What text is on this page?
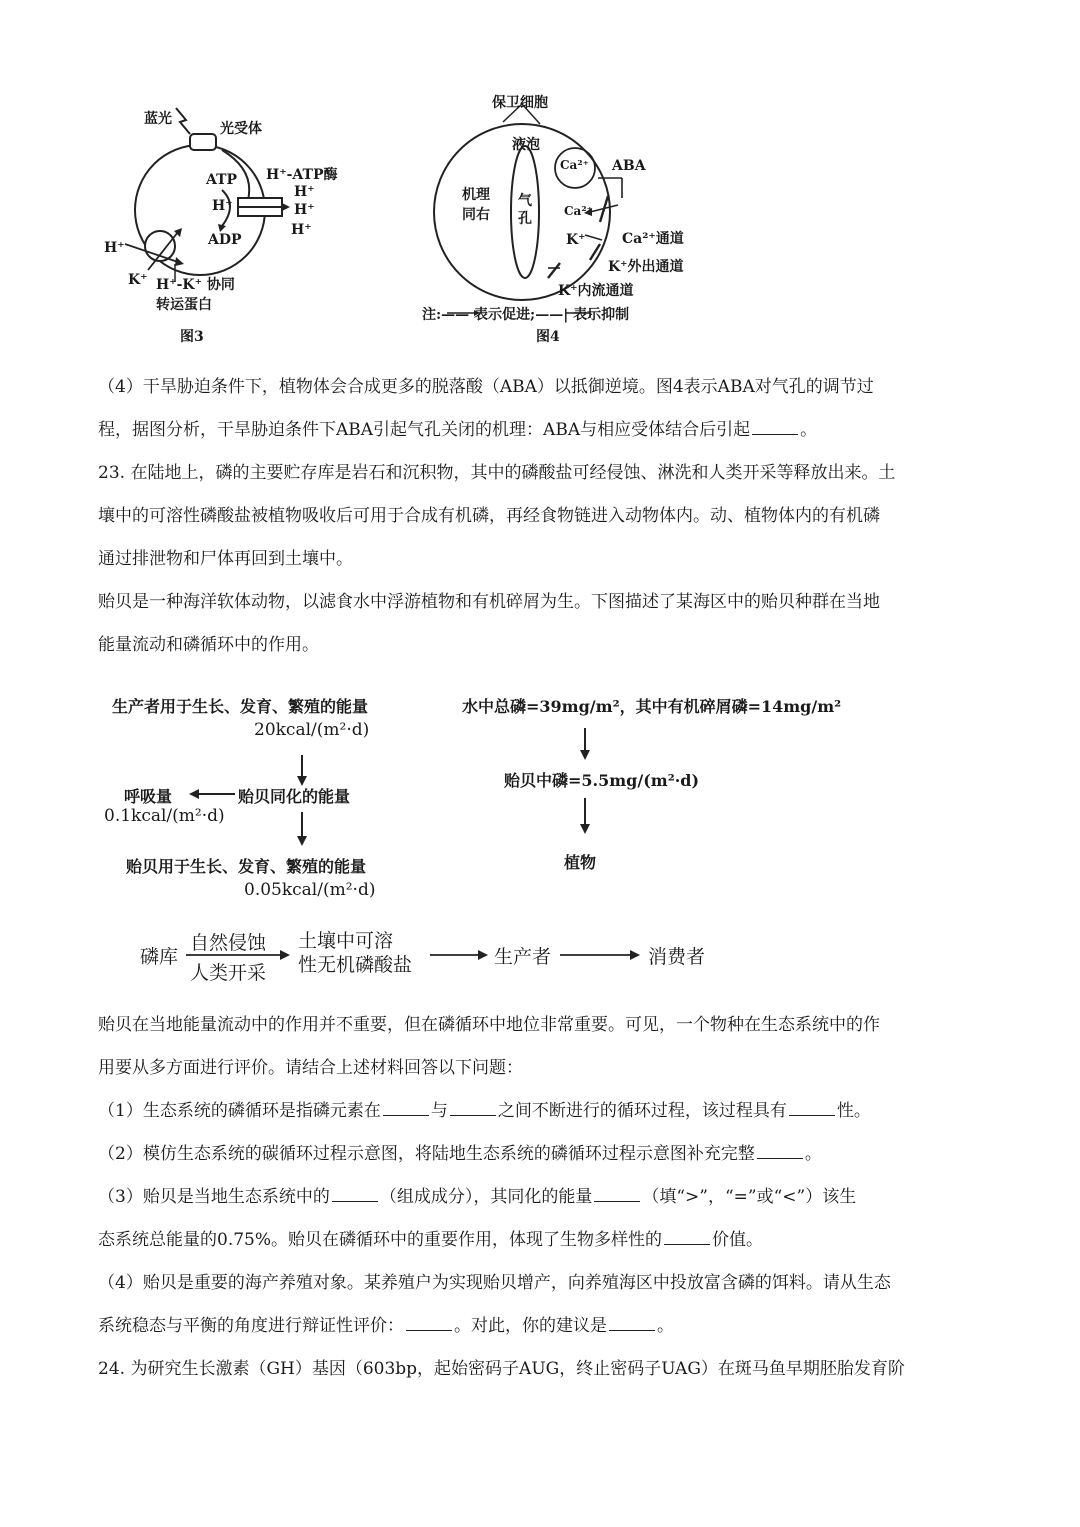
蓝光
光受体
ATP
H⁺
ADP
H⁺-ATP酶
H⁺
H⁺
H⁺
H⁺
K⁺ H⁺-K⁺ 协同
转运蛋白
图3
保卫细胞
液泡
机理
同右
气
孔
Ca²⁺
Ca²⁺
ABA
K⁺	Ca²⁺通道
K⁺外出通道
K⁺内流通道
注:—— 表示促进;——| 表示抑制
图4

（4）干旱胁迫条件下，植物体会合成更多的脱落酸（ABA）以抵御逆境。图4表示ABA对气孔的调节过

程，据图分析，干旱胁迫条件下ABA引起气孔关闭的机理：ABA与相应受体结合后引起	。

23. 在陆地上，磷的主要贮存库是岩石和沉积物，其中的磷酸盐可经侵蚀、淋洗和人类开采等释放出来。土

壤中的可溶性磷酸盐被植物吸收后可用于合成有机磷，再经食物链进入动物体内。动、植物体内的有机磷

通过排泄物和尸体再回到土壤中。

贻贝是一种海洋软体动物，以滤食水中浮游植物和有机碎屑为生。下图描述了某海区中的贻贝种群在当地

能量流动和磷循环中的作用。

生产者用于生长、发育、繁殖的能量
20kcal/(m²·d)
呼吸量
0.1kcal/(m²·d)
贻贝同化的能量
贻贝用于生长、发育、繁殖的能量
0.05kcal/(m²·d)
水中总磷=39mg/m²，其中有机碎屑磷=14mg/m²
贻贝中磷=5.5mg/(m²·d)
植物
磷库
自然侵蚀
人类开采
土壤中可溶
性无机磷酸盐	生产者	消费者

贻贝在当地能量流动中的作用并不重要，但在磷循环中地位非常重要。可见，一个物种在生态系统中的作

用要从多方面进行评价。请结合上述材料回答以下问题：

（1）生态系统的磷循环是指磷元素在	与	之间不断进行的循环过程，该过程具有	性。

（2）模仿生态系统的碳循环过程示意图，将陆地生态系统的磷循环过程示意图补充完整	。

（3）贻贝是当地生态系统中的	（组成成分），其同化的能量	（填“>”，“=”或“<”）该生

态系统总能量的0.75%。贻贝在磷循环中的重要作用，体现了生物多样性的	价值。

（4）贻贝是重要的海产养殖对象。某养殖户为实现贻贝增产，向养殖海区中投放富含磷的饵料。请从生态

系统稳态与平衡的角度进行辩证性评价：	。对此，你的建议是	。

24. 为研究生长激素（GH）基因（603bp，起始密码子AUG，终止密码子UAG）在斑马鱼早期胚胎发育阶
